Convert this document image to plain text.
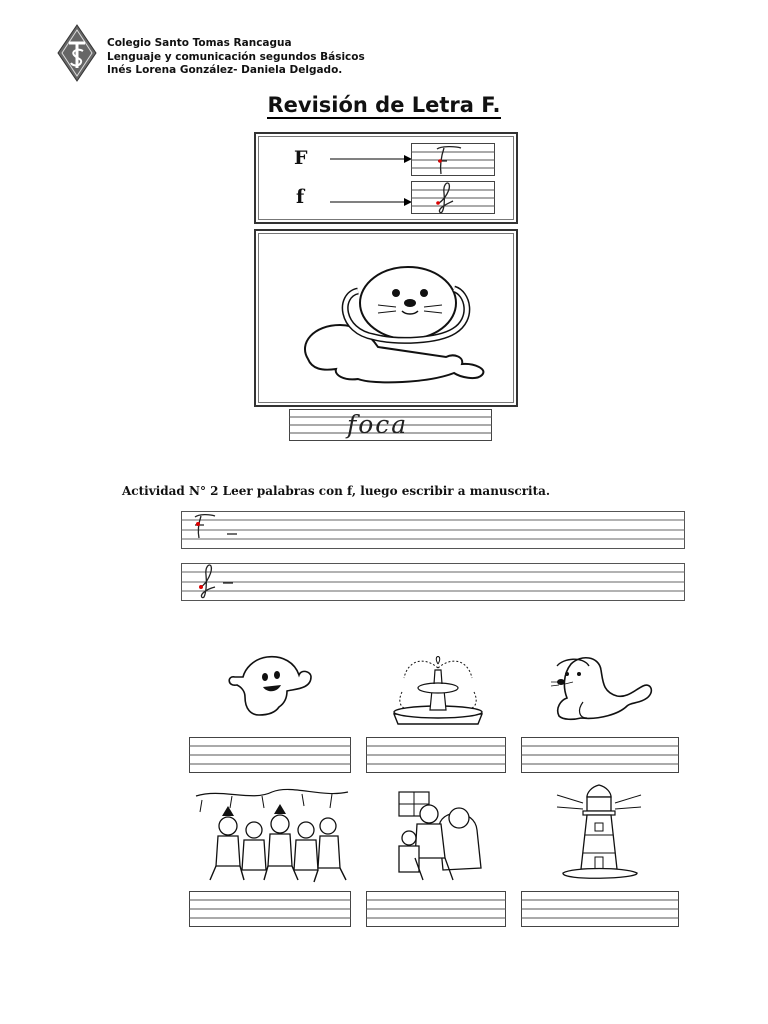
Colegio Santo Tomas Rancagua
Lenguaje y comunicación segundos Básicos
Inés Lorena González- Daniela Delgado.
Revisión de Letra F.
F
f
foca
Actividad N° 2 Leer palabras con f, luego escribir a manuscrita.
